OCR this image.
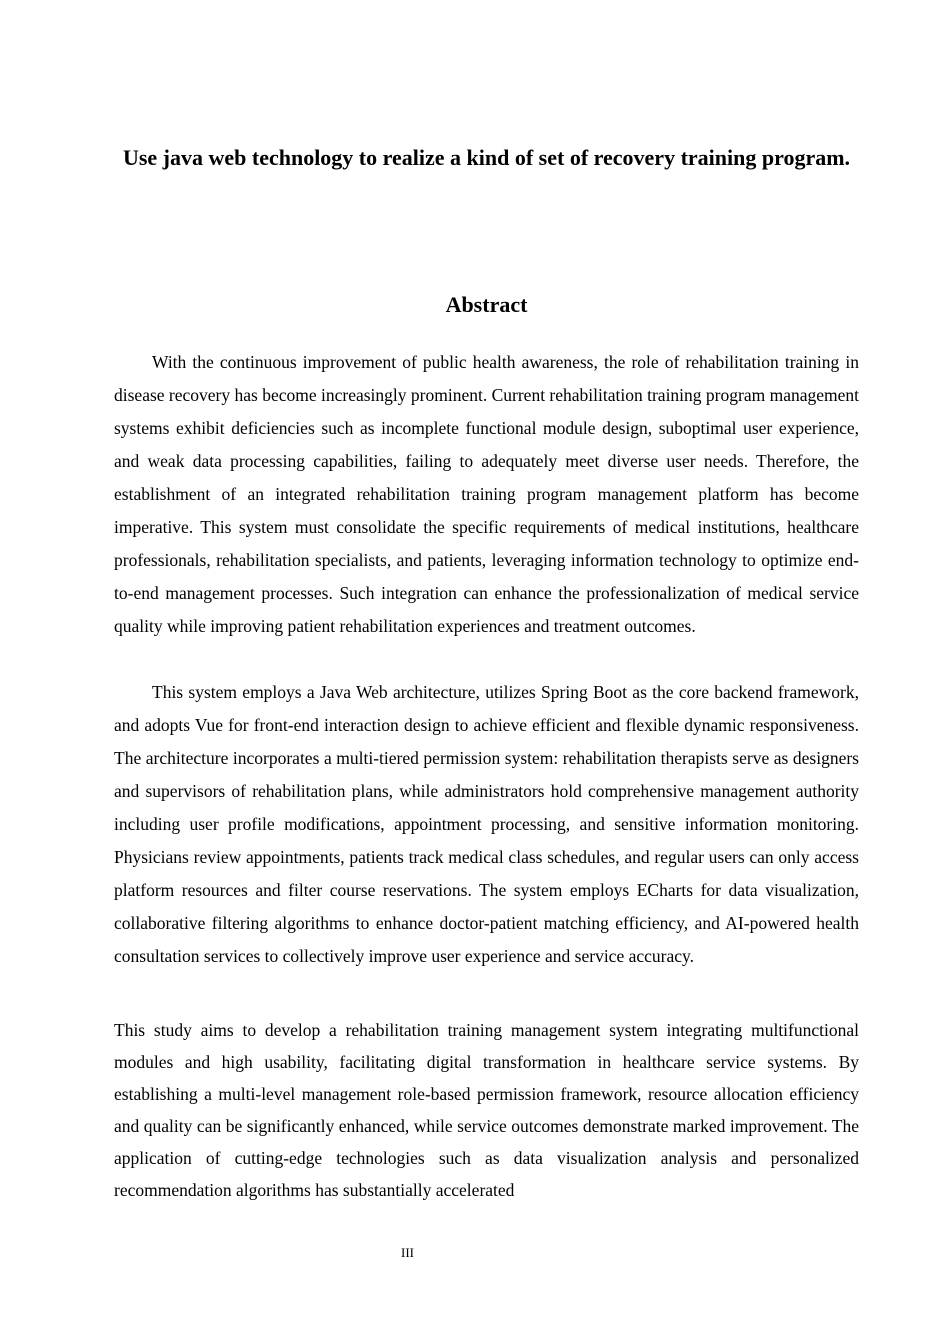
Use java web technology to realize a kind of set of recovery training program.
Abstract

With the continuous improvement of public health awareness, the role of rehabilitation training in disease recovery has become increasingly prominent. Current rehabilitation training program management systems exhibit deficiencies such as incomplete functional module design, suboptimal user experience, and weak data processing capabilities, failing to adequately meet diverse user needs. Therefore, the establishment of an integrated rehabilitation training program management platform has become imperative. This system must consolidate the specific requirements of medical institutions, healthcare professionals, rehabilitation specialists, and patients, leveraging information technology to optimize end-to-end management processes. Such integration can enhance the professionalization of medical service quality while improving patient rehabilitation experiences and treatment outcomes.

This system employs a Java Web architecture, utilizes Spring Boot as the core backend framework, and adopts Vue for front-end interaction design to achieve efficient and flexible dynamic responsiveness. The architecture incorporates a multi-tiered permission system: rehabilitation therapists serve as designers and supervisors of rehabilitation plans, while administrators hold comprehensive management authority including user profile modifications, appointment processing, and sensitive information monitoring. Physicians review appointments, patients track medical class schedules, and regular users can only access platform resources and filter course reservations. The system employs ECharts for data visualization, collaborative filtering algorithms to enhance doctor-patient matching efficiency, and AI-powered health consultation services to collectively improve user experience and service accuracy.

This study aims to develop a rehabilitation training management system integrating multifunctional modules and high usability, facilitating digital transformation in healthcare service systems. By establishing a multi-level management role-based permission framework, resource allocation efficiency and quality can be significantly enhanced, while service outcomes demonstrate marked improvement. The application of cutting-edge technologies such as data visualization analysis and personalized recommendation algorithms has substantially accelerated

III
